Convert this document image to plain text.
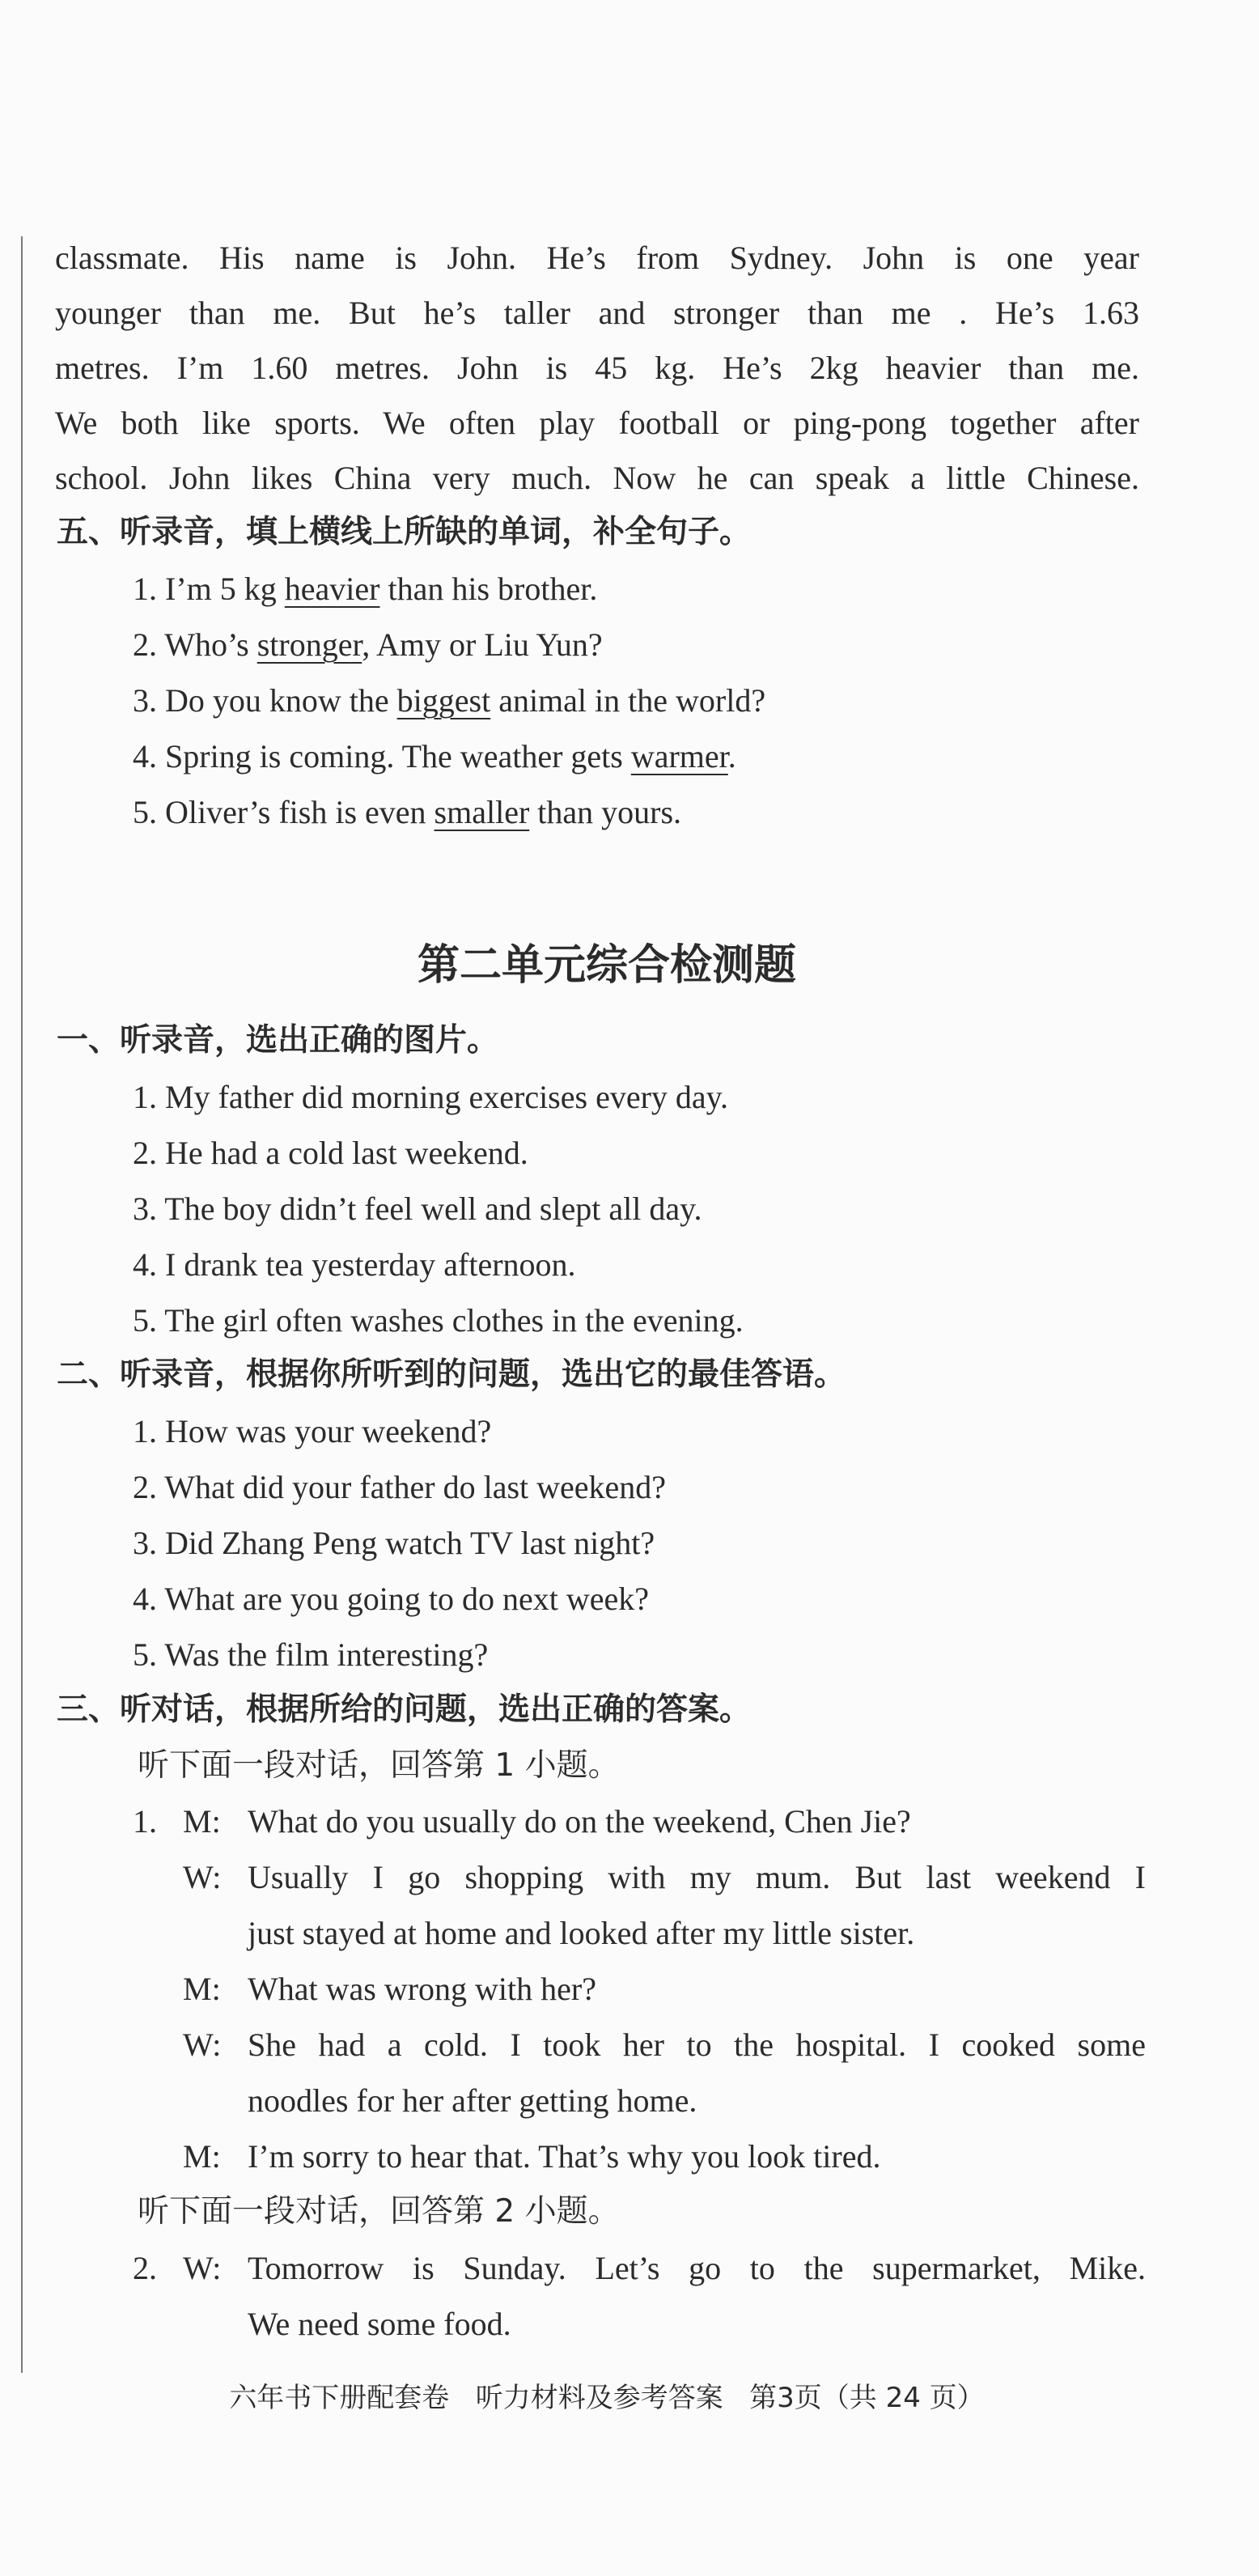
classmate. His name is John. He’s from Sydney. John is one year
younger than me. But he’s taller and stronger than me . He’s 1.63
metres. I’m 1.60 metres. John is 45 kg. He’s 2kg heavier than me.
We both like sports. We often play football or ping-pong together after
school. John likes China very much. Now he can speak a little Chinese.
五、听录音，填上横线上所缺的单词，补全句子。
1. I’m 5 kg heavier than his brother.
2. Who’s stronger, Amy or Liu Yun?
3. Do you know the biggest animal in the world?
4. Spring is coming. The weather gets warmer.
5. Oliver’s fish is even smaller than yours.
第二单元综合检测题
一、听录音，选出正确的图片。
1. My father did morning exercises every day.
2. He had a cold last weekend.
3. The boy didn’t feel well and slept all day.
4. I drank tea yesterday afternoon.
5. The girl often washes clothes in the evening.
二、听录音，根据你所听到的问题，选出它的最佳答语。
1. How was your weekend?
2. What did your father do last weekend?
3. Did Zhang Peng watch TV last night?
4. What are you going to do next week?
5. Was the film interesting?
三、听对话，根据所给的问题，选出正确的答案。
听下面一段对话，回答第 1 小题。
1. M: What do you usually do on the weekend, Chen Jie?
W: Usually I go shopping with my mum. But last weekend I
just stayed at home and looked after my little sister.
M: What was wrong with her?
W: She had a cold. I took her to the hospital. I cooked some
noodles for her after getting home.
M: I’m sorry to hear that. That’s why you look tired.
听下面一段对话，回答第 2 小题。
2. W: Tomorrow is Sunday. Let’s go to the supermarket, Mike.
We need some food.
六年书下册配套卷   听力材料及参考答案   第3页（共 24 页）
